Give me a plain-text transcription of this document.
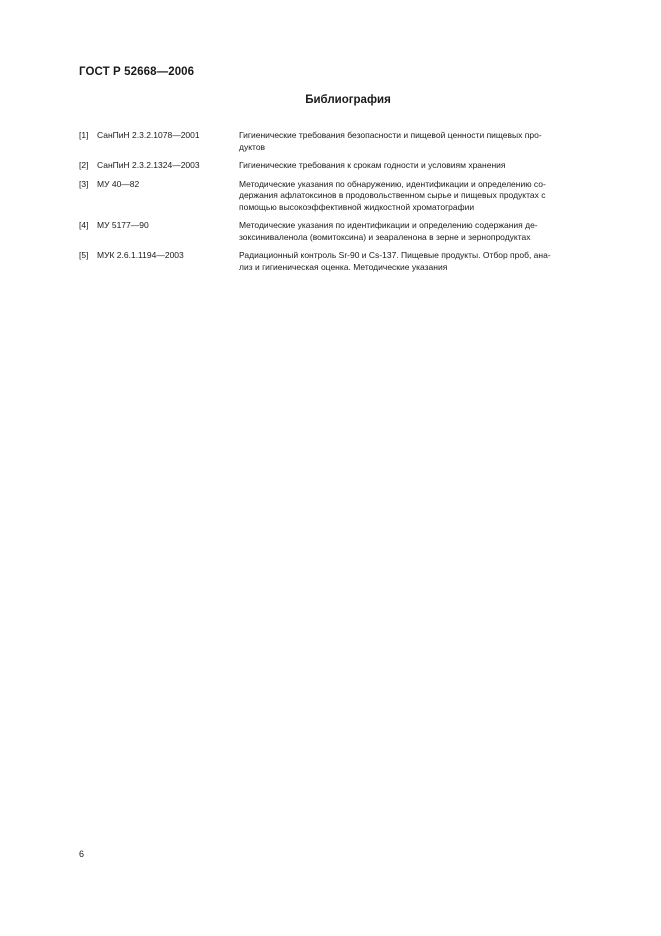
ГОСТ Р 52668—2006
Библиография
[1]	СанПиН 2.3.2.1078—2001	Гигиенические требования безопасности и пищевой ценности пищевых про-
дуктов
[2]	СанПиН 2.3.2.1324—2003	Гигиенические требования к срокам годности и условиям хранения
[3]	МУ 40—82	Методические указания по обнаружению, идентификации и определению со-
держания афлатоксинов в продовольственном сырье и пищевых продуктах с
помощью высокоэффективной жидкостной хроматографии
[4]	МУ 5177—90	Методические указания по идентификации и определению содержания де-
зоксиниваленола (вомитоксина) и зеараленона в зерне и зернопродуктах
[5]	МУК 2.6.1.1194—2003	Радиационный контроль Sr-90 и Cs-137. Пищевые продукты. Отбор проб, ана-
лиз и гигиеническая оценка. Методические указания
6
